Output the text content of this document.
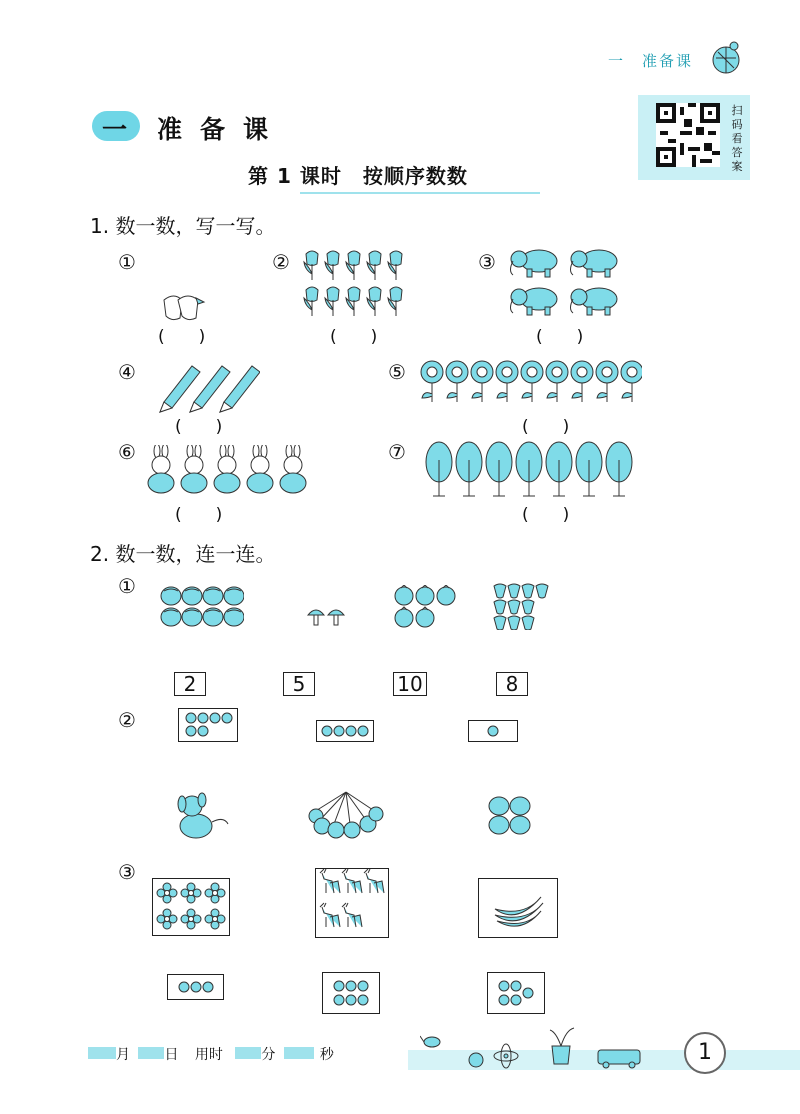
一　准备课
扫
码
看
答
案
一 准备课
第 1 课时　按顺序数数
1. 数一数，写一写。
①	②	③
④	⑤
⑥	⑦
(　　)	(　　)	(　　)
(　　)	(　　)
(　　)	(　　)
2. 数一数，连一连。
①
2	5	10	8
②
③
月 日 用时	分	秒	1
